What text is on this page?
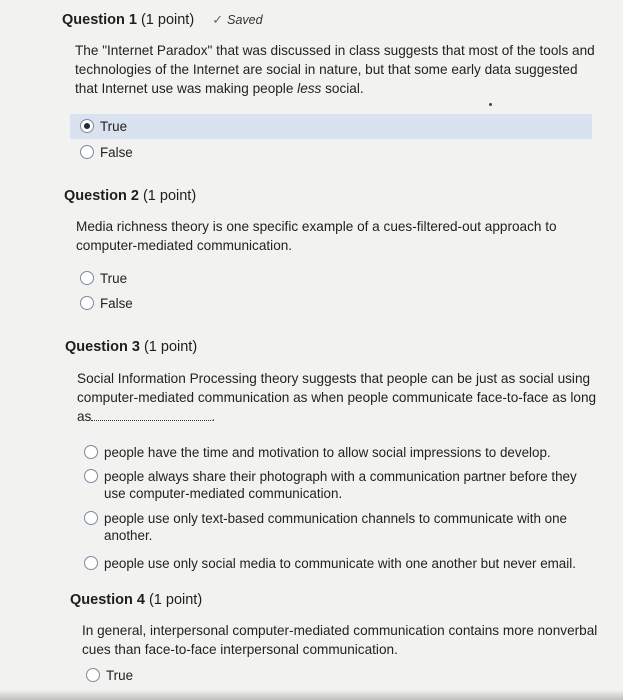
Question 1 (1 point) ✓ Saved
The "Internet Paradox" that was discussed in class suggests that most of the tools and
technologies of the Internet are social in nature, but that some early data suggested
that Internet use was making people less social.
True
False
Question 2 (1 point)
Media richness theory is one specific example of a cues-filtered-out approach to
computer-mediated communication.
True
False
Question 3 (1 point)
Social Information Processing theory suggests that people can be just as social using
computer-mediated communication as when people communicate face-to-face as long
as	.
people have the time and motivation to allow social impressions to develop.
people always share their photograph with a communication partner before they
use computer-mediated communication.
people use only text-based communication channels to communicate with one
another.
people use only social media to communicate with one another but never email.
Question 4 (1 point)
In general, interpersonal computer-mediated communication contains more nonverbal
cues than face-to-face interpersonal communication.
True
